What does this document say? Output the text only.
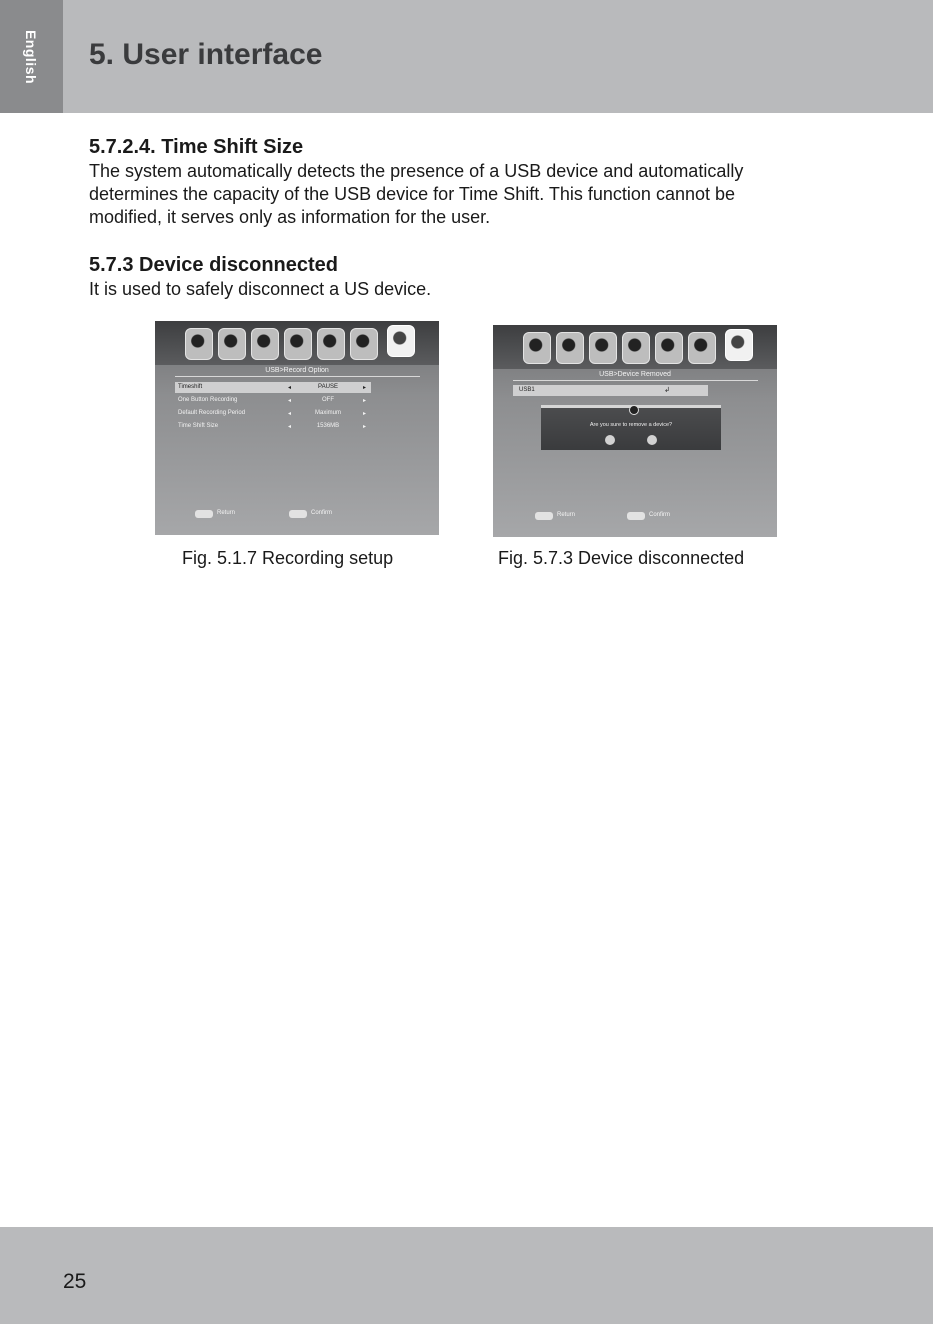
English 5. User interface
5.7.2.4. Time Shift Size
The system automatically detects the presence of a USB device and automatically
determines the capacity of the USB device for Time Shift. This function cannot be
modified, it serves only as information for the user.
5.7.3 Device disconnected
It is used to safely disconnect a US device.
USB>Record Option
Timeshift	◂	PAUSE	▸
One Button Recording	◂	OFF	▸
Default Recording Period	◂	Maximum	▸
Time Shift Size	◂	1536MB	▸
Return	Confirm
USB>Device Removed
USB1	↲
Are you sure to remove a device?
Return	Confirm
Fig. 5.1.7 Recording setup	Fig. 5.7.3 Device disconnected
25
